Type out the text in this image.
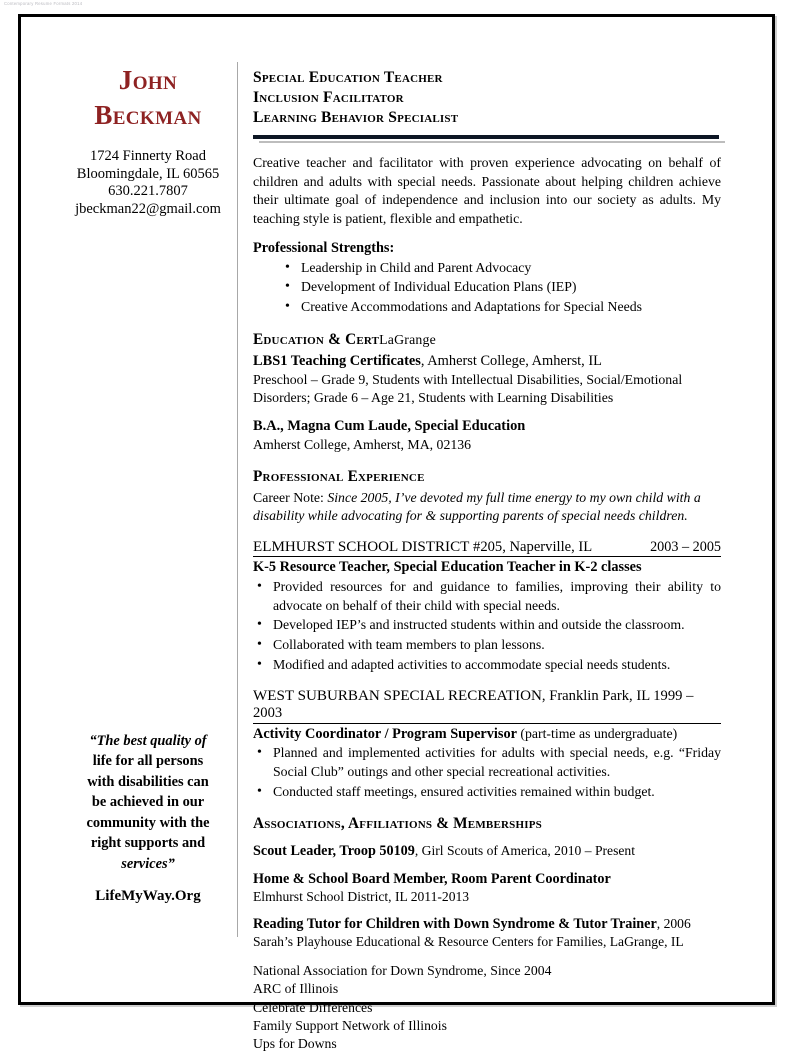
Contemporary Resume Formats 2014
John
Beckman
1724 Finnerty Road
Bloomingdale, IL 60565
630.221.7807
jbeckman22@gmail.com
“The best quality of
life for all persons
with disabilities can
be achieved in our
community with the
right supports and
services”
LifeMyWay.Org
Special Education Teacher
Inclusion Facilitator
Learning Behavior Specialist
Creative teacher and facilitator with proven experience advocating on behalf of children and adults with special needs. Passionate about helping children achieve their ultimate goal of independence and inclusion into our society as adults. My teaching style is patient, flexible and empathetic.
Professional Strengths:
• Leadership in Child and Parent Advocacy
• Development of Individual Education Plans (IEP)
• Creative Accommodations and Adaptations for Special Needs
Education & CertLaGrange
LBS1 Teaching Certificates, Amherst College, Amherst, IL
Preschool – Grade 9, Students with Intellectual Disabilities, Social/Emotional
Disorders; Grade 6 – Age 21, Students with Learning Disabilities
B.A., Magna Cum Laude, Special Education
Amherst College, Amherst, MA, 02136
Professional Experience
Career Note: Since 2005, I’ve devoted my full time energy to my own child with a disability while advocating for & supporting parents of special needs children.
ELMHURST SCHOOL DISTRICT #205, Naperville, IL	2003 – 2005
K-5 Resource Teacher, Special Education Teacher in K-2 classes
• Provided resources for and guidance to families, improving their ability to advocate on behalf of their child with special needs.
• Developed IEP’s and instructed students within and outside the classroom.
• Collaborated with team members to plan lessons.
• Modified and adapted activities to accommodate special needs students.
WEST SUBURBAN SPECIAL RECREATION, Franklin Park, IL 1999 – 2003
Activity Coordinator / Program Supervisor (part-time as undergraduate)
• Planned and implemented activities for adults with special needs, e.g. “Friday Social Club” outings and other special recreational activities.
• Conducted staff meetings, ensured activities remained within budget.
Associations, Affiliations & Memberships
Scout Leader, Troop 50109, Girl Scouts of America, 2010 – Present
Home & School Board Member, Room Parent Coordinator
Elmhurst School District, IL 2011-2013
Reading Tutor for Children with Down Syndrome & Tutor Trainer, 2006
Sarah’s Playhouse Educational & Resource Centers for Families, LaGrange, IL
National Association for Down Syndrome, Since 2004
ARC of Illinois
Celebrate Differences
Family Support Network of Illinois
Ups for Downs
